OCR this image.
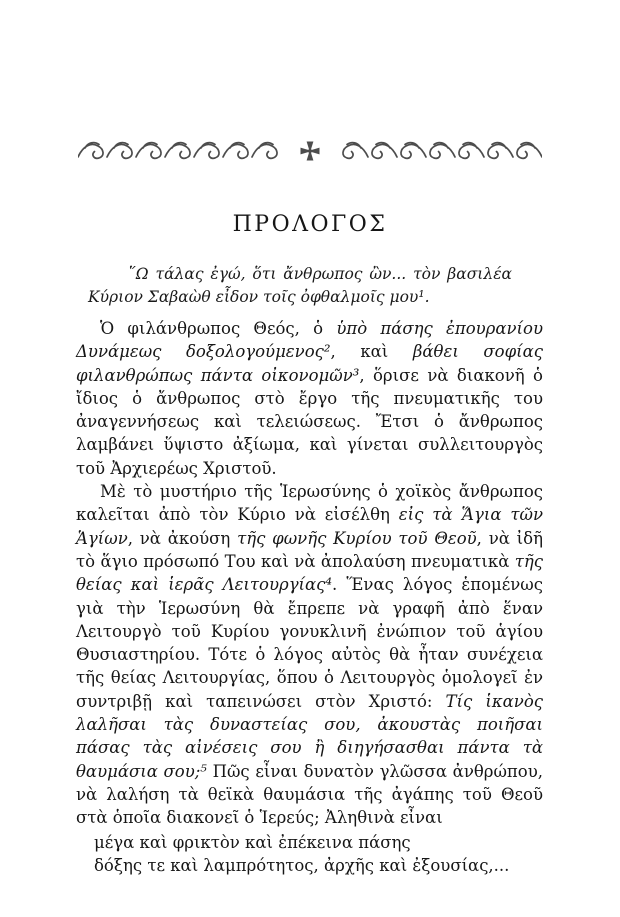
ΠΡΟΛΟΓΟΣ
῞Ω τάλας ἐγώ, ὅτι ἄνθρωπος ὢν... τὸν βασιλέα Κύριον Σαβαὼθ εἶδον τοῖς ὀφθαλμοῖς μου¹.

Ὁ φιλάνθρωπος Θεός, ὁ ὑπὸ πάσης ἐπουρανίου Δυνάμεως δοξολογούμενος², καὶ βάθει σοφίας φιλανθρώπως πάντα οἰκονομῶν³, ὅρισε νὰ διακονῆ ὁ ἴδιος ὁ ἄνθρωπος στὸ ἔργο τῆς πνευματικῆς του ἀναγεννήσεως καὶ τελειώσεως. Ἔτσι ὁ ἄνθρωπος λαμβάνει ὕψιστο ἀξίωμα, καὶ γίνεται συλλειτουργὸς τοῦ Ἀρχιερέως Χριστοῦ.

Μὲ τὸ μυστήριο τῆς Ἱερωσύνης ὁ χοϊκὸς ἄνθρωπος καλεῖται ἀπὸ τὸν Κύριο νὰ εἰσέλθη εἰς τὰ Ἅγια τῶν Ἁγίων, νὰ ἀκούση τῆς φωνῆς Κυρίου τοῦ Θεοῦ, νὰ ἰδῆ τὸ ἅγιο πρόσωπό Του καὶ νὰ ἀπολαύση πνευματικὰ τῆς θείας καὶ ἱερᾶς Λειτουργίας⁴. Ἕνας λόγος ἑπομένως γιὰ τὴν Ἱερωσύνη θὰ ἔπρεπε νὰ γραφῆ ἀπὸ ἕναν Λειτουργὸ τοῦ Κυρίου γονυκλινῆ ἐνώπιον τοῦ ἁγίου Θυσιαστηρίου. Τότε ὁ λόγος αὐτὸς θὰ ἦταν συνέχεια τῆς θείας Λειτουργίας, ὅπου ὁ Λειτουργὸς ὁμολογεῖ ἐν συντριβῇ καὶ ταπεινώσει στὸν Χριστό: Τίς ἱκανὸς λαλῆσαι τὰς δυναστείας σου, ἀκουστὰς ποιῆσαι πάσας τὰς αἰνέσεις σου ἢ διηγήσασθαι πάντα τὰ θαυμάσια σου;⁵ Πῶς εἶναι δυνατὸν γλῶσσα ἀνθρώπου, νὰ λαλήση τὰ θεϊκὰ θαυμάσια τῆς ἀγάπης τοῦ Θεοῦ στὰ ὁποῖα διακονεῖ ὁ Ἱερεύς; Ἀληθινὰ εἶναι

μέγα καὶ φρικτὸν καὶ ἐπέκεινα πάσης
δόξης τε καὶ λαμπρότητος, ἀρχῆς καὶ ἐξουσίας,...
